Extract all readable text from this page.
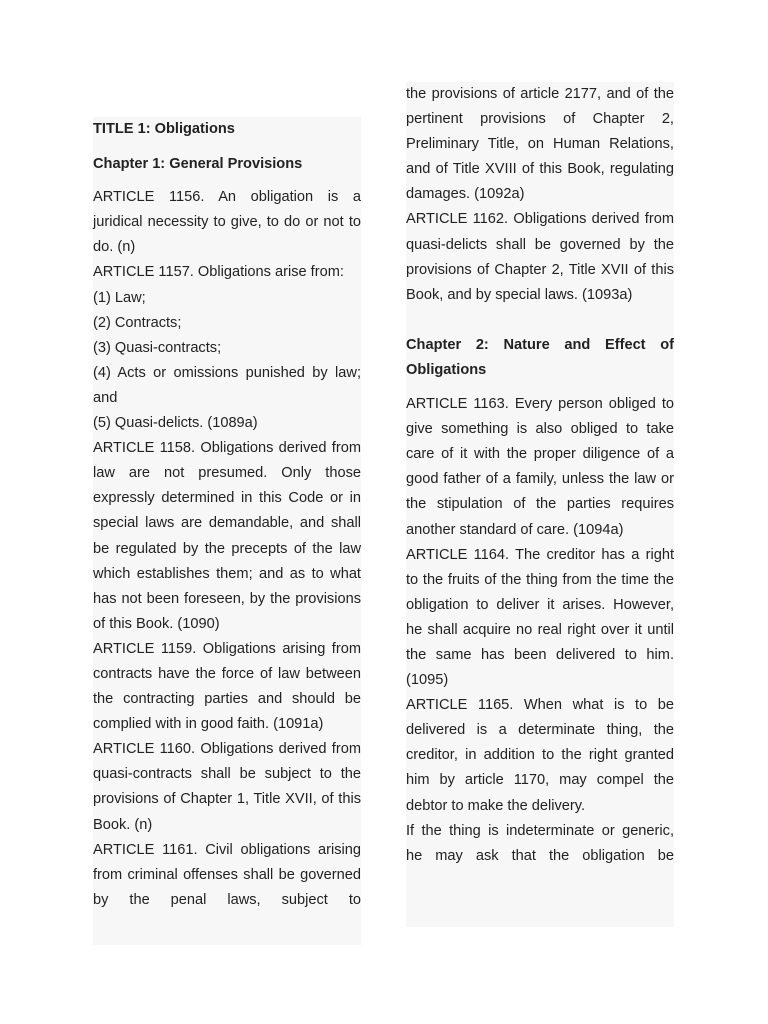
TITLE 1: Obligations

Chapter 1: General Provisions

ARTICLE 1156. An obligation is a juridical necessity to give, to do or not to do. (n)

ARTICLE 1157. Obligations arise from:

(1) Law;

(2) Contracts;

(3) Quasi-contracts;

(4) Acts or omissions punished by law; and

(5) Quasi-delicts. (1089a)

ARTICLE 1158. Obligations derived from law are not presumed. Only those expressly determined in this Code or in special laws are demandable, and shall be regulated by the precepts of the law which establishes them; and as to what has not been foreseen, by the provisions of this Book. (1090)

ARTICLE 1159. Obligations arising from contracts have the force of law between the contracting parties and should be complied with in good faith. (1091a)

ARTICLE 1160. Obligations derived from quasi-contracts shall be subject to the provisions of Chapter 1, Title XVII, of this Book. (n)

ARTICLE 1161. Civil obligations arising from criminal offenses shall be governed by the penal laws, subject to

the provisions of article 2177, and of the pertinent provisions of Chapter 2, Preliminary Title, on Human Relations, and of Title XVIII of this Book, regulating damages. (1092a)

ARTICLE 1162. Obligations derived from quasi-delicts shall be governed by the provisions of Chapter 2, Title XVII of this Book, and by special laws. (1093a)

Chapter 2: Nature and Effect of Obligations

ARTICLE 1163. Every person obliged to give something is also obliged to take care of it with the proper diligence of a good father of a family, unless the law or the stipulation of the parties requires another standard of care. (1094a)

ARTICLE 1164. The creditor has a right to the fruits of the thing from the time the obligation to deliver it arises. However, he shall acquire no real right over it until the same has been delivered to him. (1095)

ARTICLE 1165. When what is to be delivered is a determinate thing, the creditor, in addition to the right granted him by article 1170, may compel the debtor to make the delivery.

If the thing is indeterminate or generic, he may ask that the obligation be
